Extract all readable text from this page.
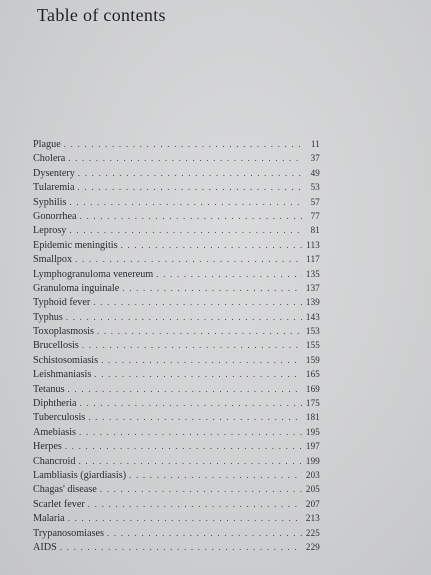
Table of contents
Plague . . .	11
Cholera . . .	37
Dysentery . . .	49
Tularemia . . .	53
Syphilis . . .	57
Gonorrhea . . .	77
Leprosy . . .	81
Epidemic meningitis . . .	113
Smallpox . . .	117
Lymphogranuloma venereum . . .	135
Granuloma inguinale . . .	137
Typhoid fever . . .	139
Typhus . . .	143
Toxoplasmosis . . .	153
Brucellosis . . .	155
Schistosomiasis . . .	159
Leishmaniasis . . .	165
Tetanus . . .	169
Diphtheria . . .	175
Tuberculosis . . .	181
Amebiasis . . .	195
Herpes . . .	197
Chancroid . . .	199
Lambliasis (giardiasis) . . .	203
Chagas' disease . . .	205
Scarlet fever . . .	207
Malaria . . .	213
Trypanosomiases . . .	225
AIDS . . .	229
